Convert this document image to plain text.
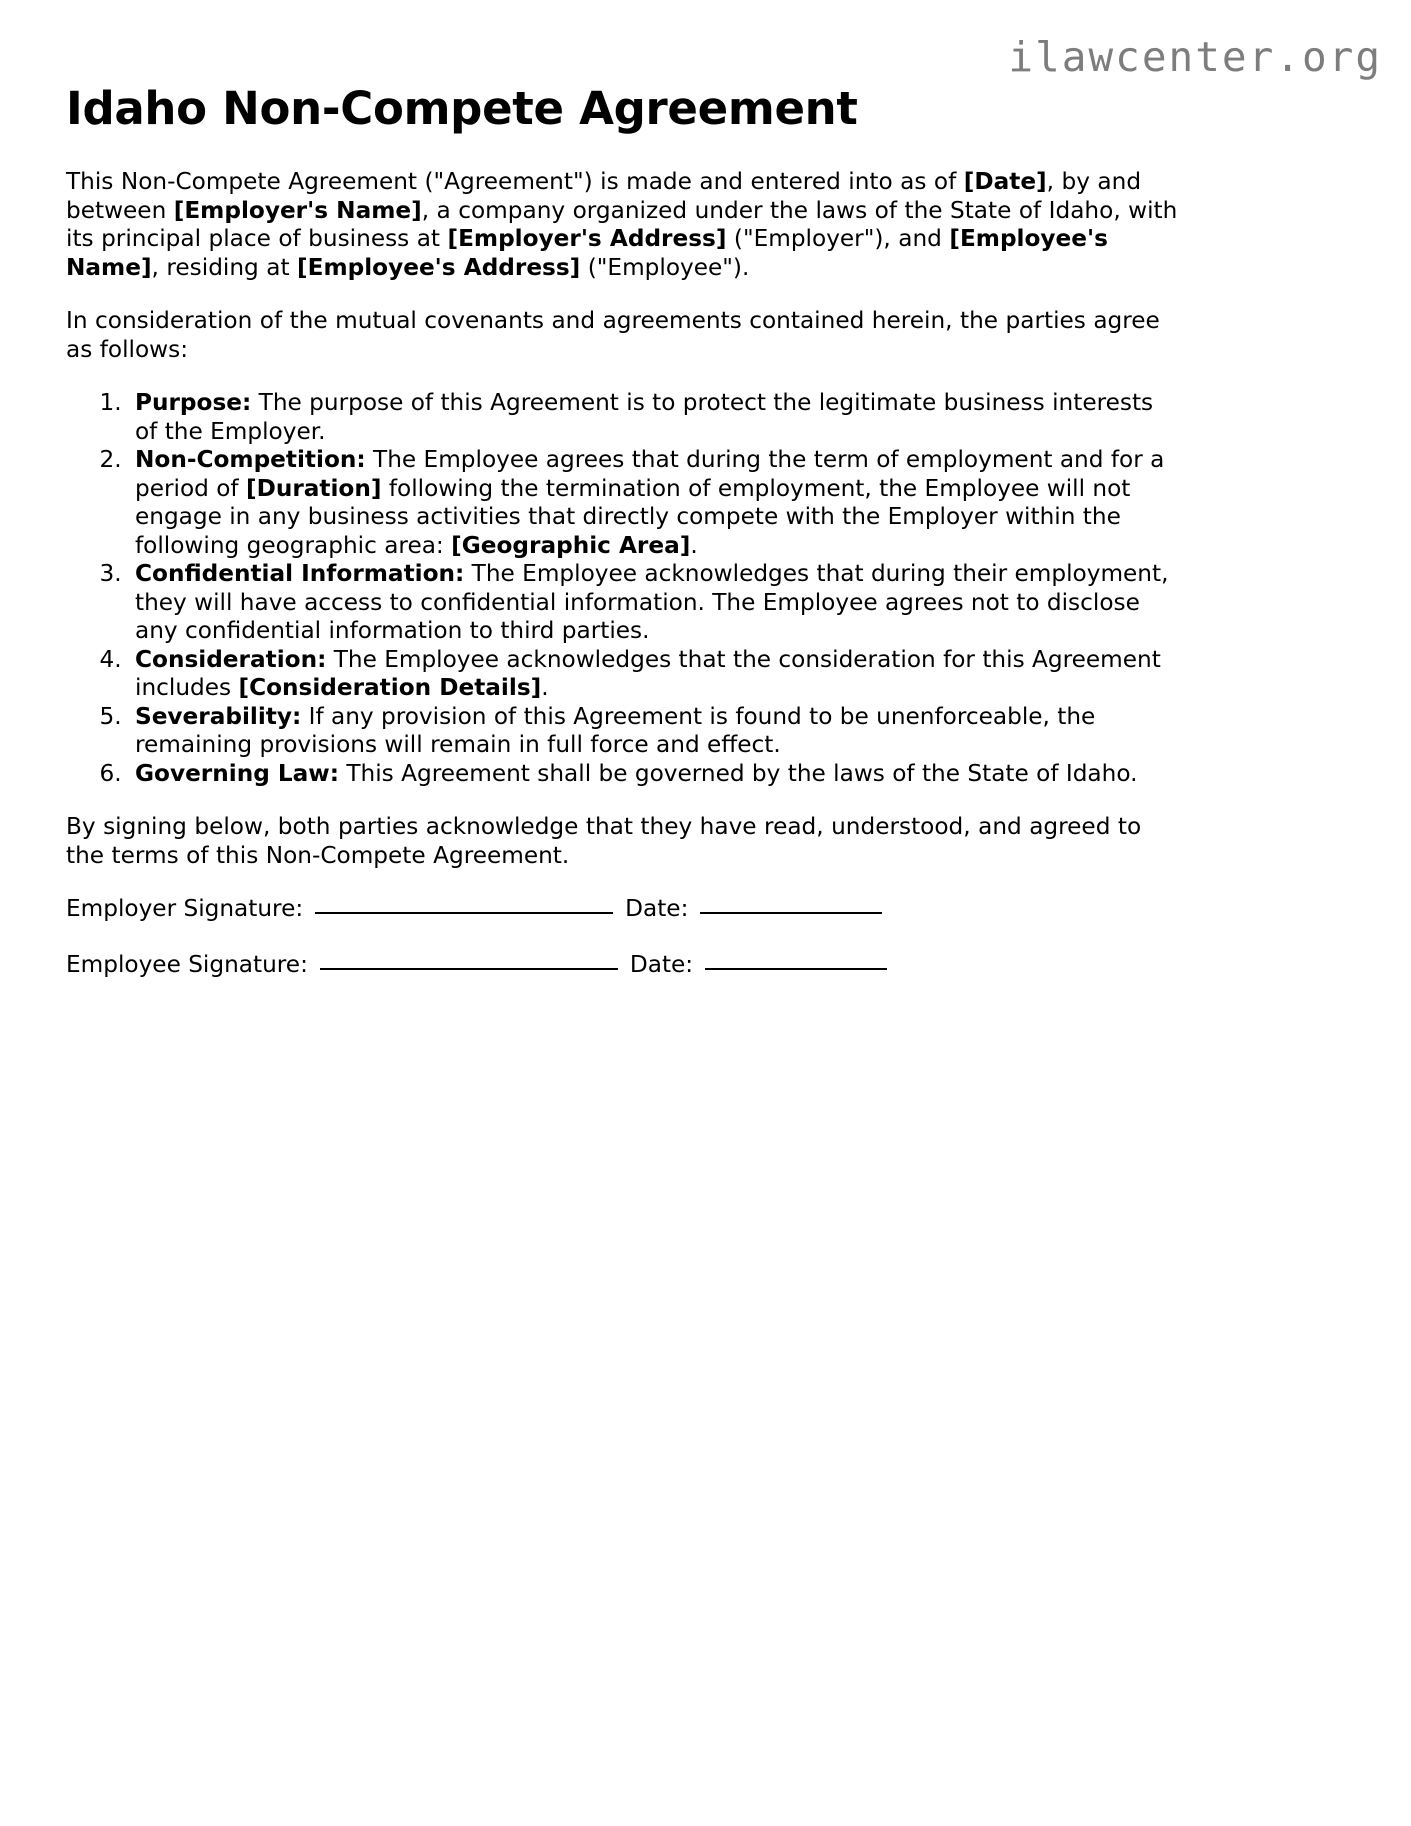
ilawcenter.org
Idaho Non-Compete Agreement

This Non-Compete Agreement ("Agreement") is made and entered into as of [Date], by and between [Employer's Name], a company organized under the laws of the State of Idaho, with its principal place of business at [Employer's Address] ("Employer"), and [Employee's Name], residing at [Employee's Address] ("Employee").

In consideration of the mutual covenants and agreements contained herein, the parties agree as follows:

1. Purpose: The purpose of this Agreement is to protect the legitimate business interests of the Employer.
2. Non-Competition: The Employee agrees that during the term of employment and for a period of [Duration] following the termination of employment, the Employee will not engage in any business activities that directly compete with the Employer within the following geographic area: [Geographic Area].
3. Confidential Information: The Employee acknowledges that during their employment, they will have access to confidential information. The Employee agrees not to disclose any confidential information to third parties.
4. Consideration: The Employee acknowledges that the consideration for this Agreement includes [Consideration Details].
5. Severability: If any provision of this Agreement is found to be unenforceable, the remaining provisions will remain in full force and effect.
6. Governing Law: This Agreement shall be governed by the laws of the State of Idaho.

By signing below, both parties acknowledge that they have read, understood, and agreed to the terms of this Non-Compete Agreement.

Employer Signature:	Date:

Employee Signature:	Date:
